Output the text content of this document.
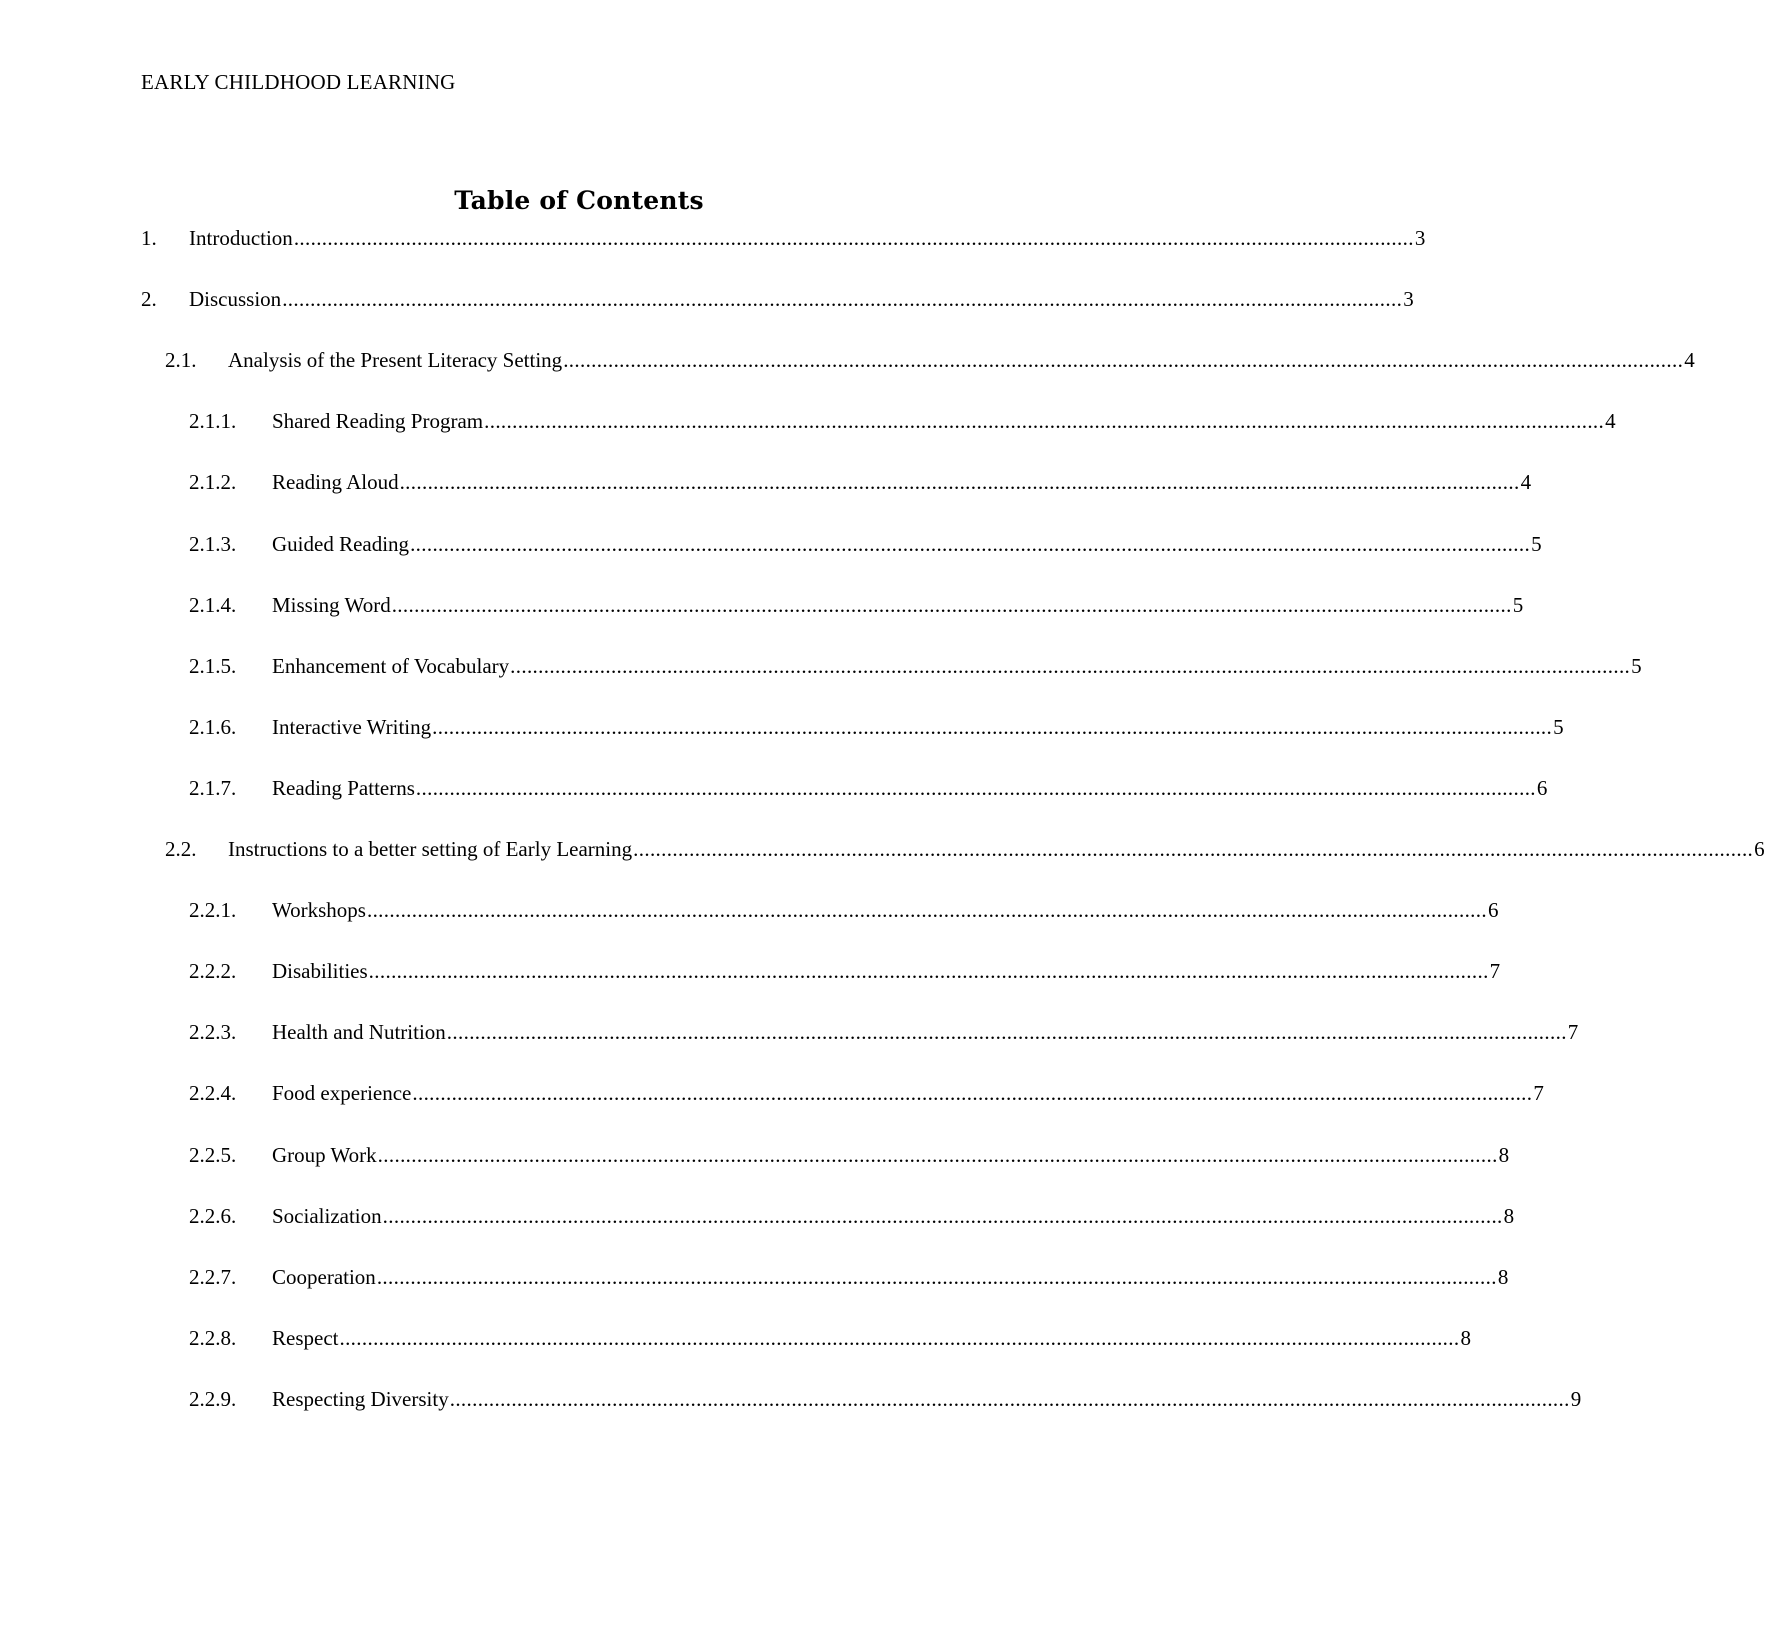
EARLY CHILDHOOD LEARNING
Table of Contents
1.	Introduction ........................................................................................................................................................................................................ 3
2.	Discussion ........................................................................................................................................................................................................ 3
2.1.	Analysis of the Present Literacy Setting ........................................................................................................................................................................................................ 4
2.1.1.	Shared Reading Program ........................................................................................................................................................................................................ 4
2.1.2.	Reading Aloud ........................................................................................................................................................................................................ 4
2.1.3.	Guided Reading ........................................................................................................................................................................................................ 5
2.1.4.	Missing Word ........................................................................................................................................................................................................ 5
2.1.5.	Enhancement of Vocabulary ........................................................................................................................................................................................................ 5
2.1.6.	Interactive Writing ........................................................................................................................................................................................................ 5
2.1.7.	Reading Patterns ........................................................................................................................................................................................................ 6
2.2.	Instructions to a better setting of Early Learning ........................................................................................................................................................................................................ 6
2.2.1.	Workshops ........................................................................................................................................................................................................ 6
2.2.2.	Disabilities ........................................................................................................................................................................................................ 7
2.2.3.	Health and Nutrition ........................................................................................................................................................................................................ 7
2.2.4.	Food experience ........................................................................................................................................................................................................ 7
2.2.5.	Group Work ........................................................................................................................................................................................................ 8
2.2.6.	Socialization ........................................................................................................................................................................................................ 8
2.2.7.	Cooperation ........................................................................................................................................................................................................ 8
2.2.8.	Respect ........................................................................................................................................................................................................ 8
2.2.9.	Respecting Diversity ........................................................................................................................................................................................................ 9
